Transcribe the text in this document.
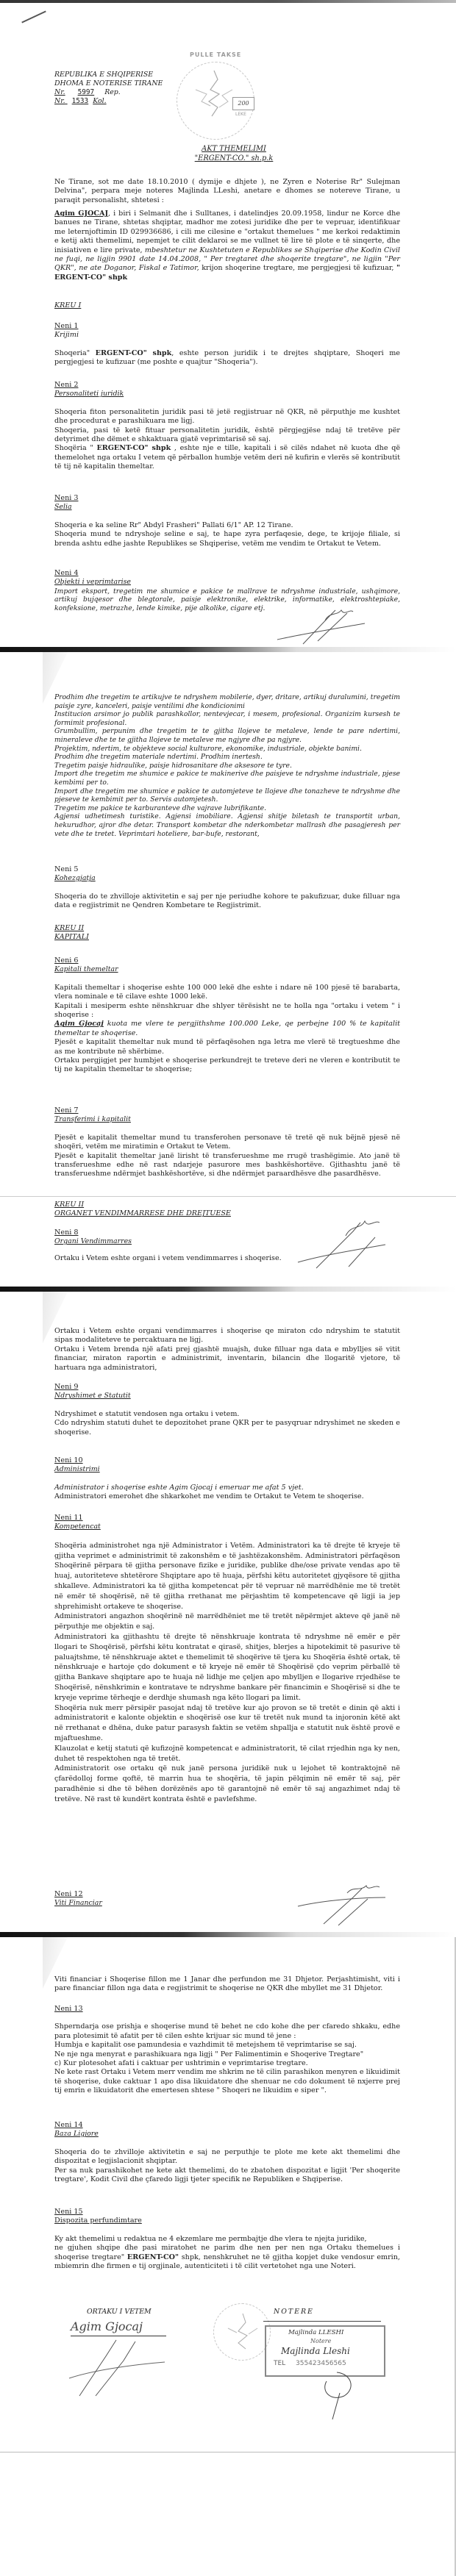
REPUBLIKA E SHQIPERISE
DHOMA E NOTERISE TIRANE
Nr. 5997 Rep.
Nr. 1533 Kol.
PULLE TAKSE
200
LEKE
AKT THEMELIMI
"ERGENT-CO." sh.p.k
Ne Tirane, sot me date 18.10.2010 ( dymije e dhjete ), ne Zyren e Noterise Rr" Sulejman Delvina", perpara meje noteres Majlinda LLeshi, anetare e dhomes se notereve Tirane, u paraqit personalisht, shtetesi :
Agim GJOCAJ, i biri i Selmanit dhe i Sulltanes, i datelindjes 20.09.1958, lindur ne Korce dhe banues ne Tirane, shtetas shqiptar, madhor me zotesi juridike dhe per te vepruar, identifikuar me leternjoftimin ID 029936686, i cili me cilesine e "ortakut themelues " me kerkoi redaktimin e ketij akti themelimi, nepemjet te cilit deklaroi se me vullnet të lire të plote e të sinqerte, dhe inisiativen e lire private, mbeshtetur ne Kushtetuten e Republikes se Shqiperise dhe Kodin Civil ne fuqi, ne ligjin 9901 date 14.04.2008, " Per tregtaret dhe shoqerite tregtare", ne ligjin "Per QKR", ne ate Doganor, Fiskal e Tatimor, krijon shoqerine tregtare, me pergjegjesi të kufizuar, " ERGENT-CO" shpk
KREU I
Neni 1
Krijimi
Shoqeria" ERGENT-CO" shpk, eshte person juridik i te drejtes shqiptare, Shoqeri me pergjegjesi te kufizuar (me poshte e quajtur "Shoqeria").
Neni 2
Personaliteti juridik
Shoqeria fiton personalitetin juridik pasi të jetë regjistruar në QKR, në përputhje me kushtet dhe procedurat e parashikuara me ligj.
Shoqeria, pasi të ketë fituar personalitetin juridik, është përgjegjëse ndaj të tretëve për detyrimet dhe dëmet e shkaktuara gjatë veprimtarisë së saj.
Shoqëria " ERGENT-CO" shpk , eshte nje e tille, kapitali i së cilës ndahet në kuota dhe që themelohet nga ortaku I vetem që përballon humbje vetëm deri në kufirin e vlerës së kontributit të tij në kapitalin themeltar.
Neni 3
Selia
Shoqeria e ka seline Rr" Abdyl Frasheri" Pallati 6/1" AP. 12 Tirane.
Shoqeria mund te ndryshoje seline e saj, te hape zyra perfaqesie, dege, te krijoje filiale, si brenda ashtu edhe jashte Republikes se Shqiperise, vetëm me vendim te Ortakut te Vetem.
Neni 4
Objekti i veprimtarise
Import eksport, tregetim me shumice e pakice te mallrave te ndryshme industriale, ushqimore, artikuj bujqesor dhe blegtorale, paisje elektronike, elektrike, informatike, elektroshtepiake, konfeksione, metrazhe, lende kimike, pije alkolike, cigare etj.
Prodhim dhe tregetim te artikujve te ndryshem mobilerie, dyer, dritare, artikuj duralumini, tregetim paisje zyre, kanceleri, paisje ventilimi dhe kondicionimi
Institucion arsimor jo publik parashkollor, nentevjecar, i mesem, profesional. Organizim kursesh te formimit profesional.
Grumbullim, perpunim dhe tregetim te te gjitha llojeve te metaleve, lende te pare ndertimi, mineraleve dhe te te gjitha llojeve te metaleve me ngjyre dhe pa ngjyre.
Projektim, ndertim, te objekteve social kulturore, ekonomike, industriale, objekte banimi.
Prodhim dhe tregetim materiale ndertimi. Prodhim inertesh.
Tregetim paisje hidraulike, paisje hidrosanitare dhe aksesore te tyre.
Import dhe tregetim me shumice e pakice te makinerive dhe paisjeve te ndryshme industriale, pjese kembimi per to.
Import dhe tregetim me shumice e pakice te automjeteve te llojeve dhe tonazheve te ndryshme dhe pjeseve te kembimit per to. Servis automjetesh.
Tregetim me pakice te karburanteve dhe vajrave lubrifikante.
Agjensi udhetimesh turistike. Agjensi imobiliare. Agjensi shitje biletash te transportit urban, hekurudhor, ajror dhe detar. Transport kombetar dhe nderkombetar mallrash dhe pasagjeresh per vete dhe te tretet. Veprimtari hoteliere, bar-bufe, restorant,
Neni 5
Kohezgjatja
Shoqeria do te zhvilloje aktivitetin e saj per nje periudhe kohore te pakufizuar, duke filluar nga data e regjistrimit ne Qendren Kombetare te Regjistrimit.
KREU II
KAPITALI
Neni 6
Kapitali themeltar
Kapitali themeltar i shoqerise eshte 100 000 lekë dhe eshte i ndare në 100 pjesë të barabarta, vlera nominale e të cilave eshte 1000 lekë.
Kapitali i mesiperm eshte nënshkruar dhe shlyer tërësisht ne te holla nga "ortaku i vetem " i shoqerise :
Agim Gjocaj kuota me vlere te pergjithshme 100.000 Leke, qe perbejne 100 % te kapitalit themeltar te shoqerise.
Pjesët e kapitalit themeltar nuk mund të përfaqësohen nga letra me vlerë të tregtueshme dhe as me kontribute në shërbime.
Ortaku pergjigjet per humbjet e shoqerise perkundrejt te treteve deri ne vleren e kontributit te tij ne kapitalin themeltar te shoqerise;
Neni 7
Transferimi i kapitalit
Pjesët e kapitalit themeltar mund tu transferohen personave të tretë që nuk bëjnë pjesë në shoqëri, vetëm me miratimin e Ortakut te Vetem.
Pjesët e kapitalit themeltar janë lirisht të transferueshme me rrugë trashëgimie. Ato janë të transferueshme edhe në rast ndarjeje pasurore mes bashkëshortëve. Gjithashtu janë të transferueshme ndërmjet bashkëshortëve, si dhe ndërmjet paraardhësve dhe pasardhësve.
KREU II
ORGANET VENDIMMARRESE DHE DREJTUESE
Neni 8
Organi Vendimmarres
Ortaku i Vetem eshte organi i vetem vendimmarres i shoqerise.
Ortaku i Vetem eshte organi vendimmarres i shoqerise qe miraton cdo ndryshim te statutit sipas modaliteteve te percaktuara ne ligj.
Ortaku i Vetem brenda një afati prej gjashtë muajsh, duke filluar nga data e mbylljes së vitit financiar, miraton raportin e administrimit, inventarin, bilancin dhe llogaritë vjetore, të hartuara nga administratori,
Neni 9
Ndryshimet e Statutit
Ndryshimet e statutit vendosen nga ortaku i vetem.
Cdo ndryshim statuti duhet te depozitohet prane QKR per te pasyqruar ndryshimet ne skeden e shoqerise.
Neni 10
Administrimi
Administrator i shoqerise eshte Agim Gjocaj i emeruar me afat 5 vjet.
Administratori emerohet dhe shkarkohet me vendim te Ortakut te Vetem te shoqerise.
Neni 11
Kompetencat
Shoqëria administrohet nga një Administrator i Vetëm. Administratori ka të drejte të kryeje të gjitha veprimet e administrimit të zakonshëm e të jashtëzakonshëm. Administratori përfaqëson Shoqërinë përpara të gjitha personave fizike e juridike, publike dhe/ose private vendas apo të huaj, autoriteteve shtetërore Shqiptare apo të huaja, përfshi këtu autoritetet gjyqësore të gjitha shkalleve. Administratori ka të gjitha kompetencat për të vepruar në marrëdhënie me të tretët në emër të shoqërisë, në të gjitha rrethanat me përjashtim të kompetencave që ligji ia jep shprehimisht ortakeve te shoqerise.
Administratori angazhon shoqërinë në marrëdhëniet me të tretët nëpërmjet akteve që janë në përputhje me objektin e saj.
Administratori ka gjithashtu të drejte të nënshkruaje kontrata të ndryshme në emër e për llogari te Shoqërisë, përfshi këtu kontratat e qirasë, shitjes, blerjes a hipotekimit të pasurive të paluajtshme, të nënshkruaje aktet e themelimit të shoqërive të tjera ku Shoqëria është ortak, të nënshkruaje e hartoje çdo dokument e të kryeje në emër të Shoqërisë çdo veprim përballë të gjitha Bankave shqiptare apo te huaja në lidhje me çeljen apo mbylljen e llogarive rrjedhëse te Shoqërisë, nënshkrimin e kontratave te ndryshme bankare për financimin e Shoqërisë si dhe te kryeje veprime tërheqje e derdhje shumash nga këto llogari pa limit.
Shoqëria nuk merr përsipër pasojat ndaj të tretëve kur ajo provon se të tretët e dinin që akti i administratorit e kalonte objektin e shoqërisë ose kur të tretët nuk mund ta injoronin këtë akt në rrethanat e dhëna, duke patur parasysh faktin se vetëm shpallja e statutit nuk është provë e mjaftueshme.
Klauzolat e ketij statuti që kufizojnë kompetencat e administratorit, të cilat rrjedhin nga ky nen, duhet të respektohen nga të tretët.
Administratorit ose ortaku që nuk janë persona juridikë nuk u lejohet të kontraktojnë në çfarëdolloj forme qoftë, të marrin hua te shoqëria, të japin pëlqimin në emër të saj, për paradhënie si dhe të bëhen dorëzënës apo të garantojnë në emër të saj angazhimet ndaj të tretëve. Në rast të kundërt kontrata është e pavlefshme.
Neni 12
Viti Financiar
Viti financiar i Shoqerise fillon me 1 Janar dhe perfundon me 31 Dhjetor. Perjashtimisht, viti i pare financiar fillon nga data e regjistrimit te shoqerise ne QKR dhe mbyllet me 31 Dhjetor.
Neni 13
Shperndarja ose prishja e shoqerise mund të behet ne cdo kohe dhe per cfaredo shkaku, edhe para plotesimit të afatit per të cilen eshte krijuar sic mund të jene :
Humbja e kapitalit ose pamundesia e vazhdimit të metejshem të veprimtarise se saj.
Ne nje nga menyrat e parashikuara nga ligji " Per Falimentimin e Shoqerive Tregtare"
c) Kur plotesohet afati i caktuar per ushtrimin e veprimtarise tregtare.
Ne kete rast Ortaku i Vetem merr vendim me shkrim ne të cilin parashikon menyren e likuidimit të shoqerise, duke caktuar 1 apo disa likuidatore dhe shenuar ne cdo dokument të nxjerre prej tij emrin e likuidatorit dhe emertesen shtese " Shoqeri ne likuidim e siper ".
Neni 14
Baza Ligjore
Shoqeria do te zhvilloje aktivitetin e saj ne perputhje te plote me kete akt themelimi dhe dispozitat e legjislacionit shqiptar.
Per sa nuk parashikohet ne kete akt themelimi, do te zbatohen dispozitat e ligjit 'Per shoqerite tregtare', Kodit Civil dhe çfaredo ligji tjeter specifik ne Republiken e Shqiperise.
Neni 15
Dispozita perfundimtare
Ky akt themelimi u redaktua ne 4 ekzemlare me permbajtje dhe vlera te njejta juridike,
ne gjuhen shqipe dhe pasi miratohet ne parim dhe nen per nen nga Ortaku themelues i shoqerise tregtare" ERGENT-CO" shpk, nenshkruhet ne të gjitha kopjet duke vendosur emrin, mbiemrin dhe firmen e tij orgjinale, autenticiteti i të cilit vertetohet nga une Noteri.
ORTAKU I VETEM
Agim Gjocaj
NOTERE
Majlinda LLESHI
Notere
Majlinda Lleshi
TEL 355423456565
